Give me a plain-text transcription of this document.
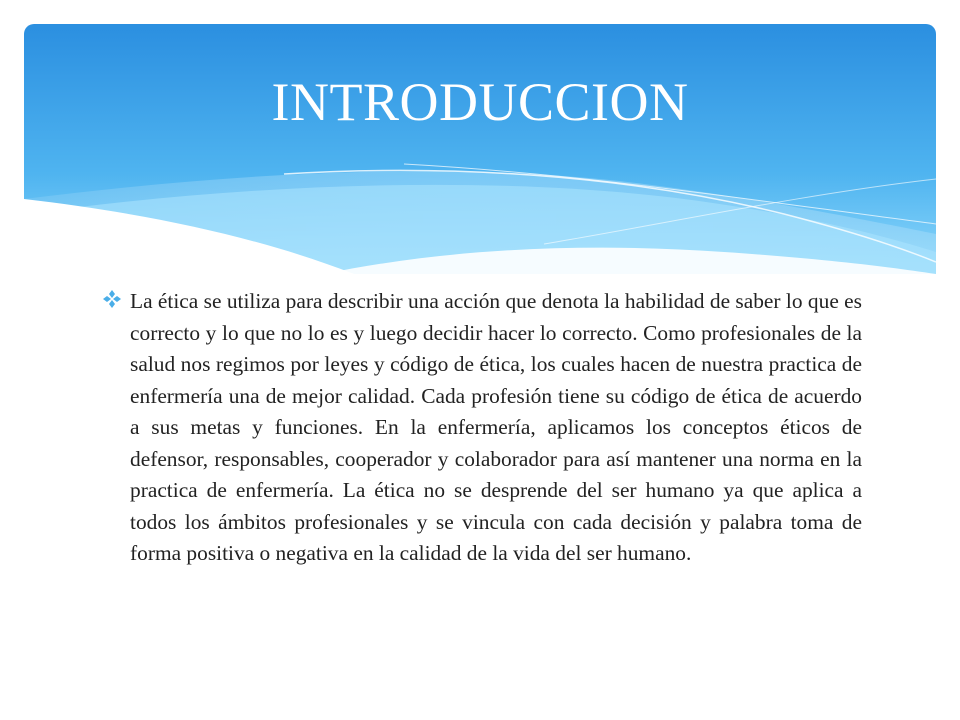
INTRODUCCION

La ética se utiliza para describir una acción que denota la habilidad de saber lo que es correcto y lo que no lo es y luego decidir hacer lo correcto. Como profesionales de la salud nos regimos por leyes y código de ética, los cuales hacen de nuestra practica de enfermería una de mejor calidad. Cada profesión tiene su código de ética de acuerdo a sus metas y funciones. En la enfermería, aplicamos los conceptos éticos de defensor, responsables, cooperador y colaborador para así mantener una norma en la practica de enfermería. La ética no se desprende del ser humano ya que aplica a todos los ámbitos profesionales y se vincula con cada decisión y palabra toma de forma positiva o negativa en la calidad de la vida del ser humano.
